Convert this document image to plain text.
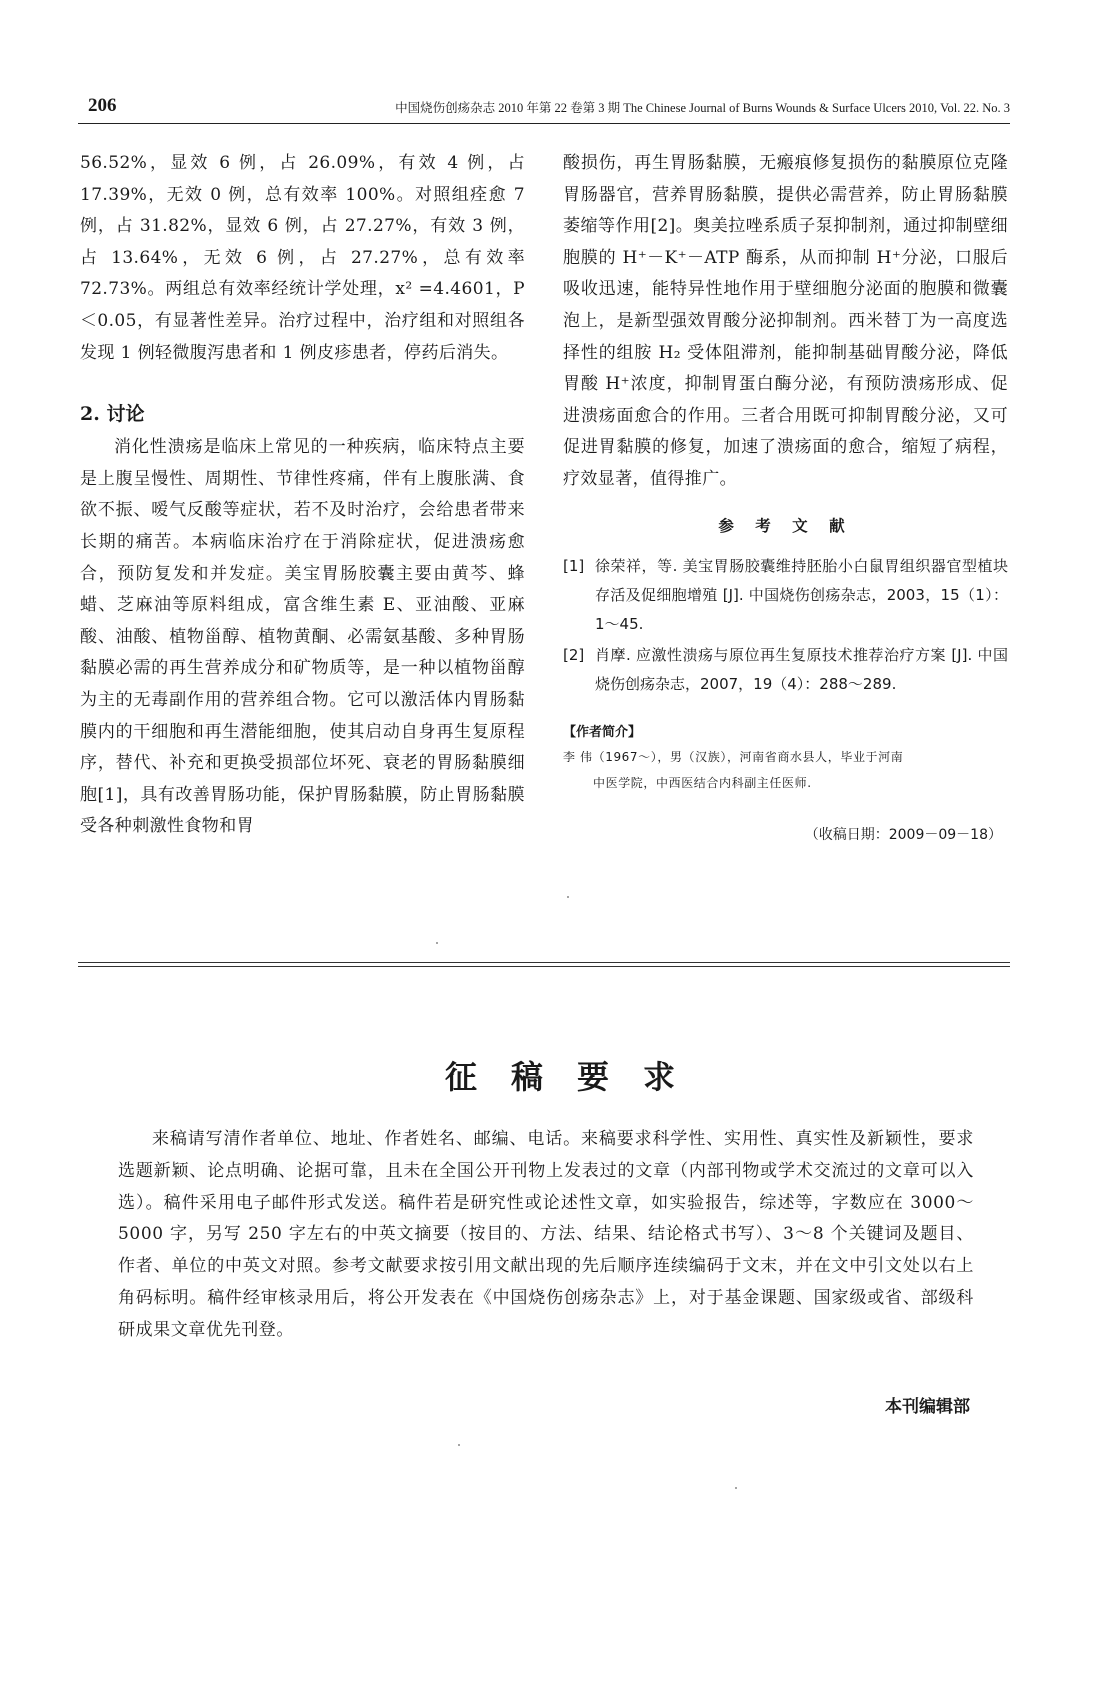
206	中国烧伤创疡杂志 2010 年第 22 卷第 3 期 The Chinese Journal of Burns Wounds & Surface Ulcers 2010, Vol. 22. No. 3

56.52%，显效 6 例，占 26.09%，有效 4 例，占 17.39%，无效 0 例，总有效率 100%。对照组痊愈 7 例，占 31.82%，显效 6 例，占 27.27%，有效 3 例，占 13.64%，无效 6 例，占 27.27%，总有效率 72.73%。两组总有效率经统计学处理，x² =4.4601，P＜0.05，有显著性差异。治疗过程中，治疗组和对照组各发现 1 例轻微腹泻患者和 1 例皮疹患者，停药后消失。

2. 讨论

消化性溃疡是临床上常见的一种疾病，临床特点主要是上腹呈慢性、周期性、节律性疼痛，伴有上腹胀满、食欲不振、嗳气反酸等症状，若不及时治疗，会给患者带来长期的痛苦。本病临床治疗在于消除症状，促进溃疡愈合，预防复发和并发症。美宝胃肠胶囊主要由黄芩、蜂蜡、芝麻油等原料组成，富含维生素 E、亚油酸、亚麻酸、油酸、植物甾醇、植物黄酮、必需氨基酸、多种胃肠黏膜必需的再生营养成分和矿物质等，是一种以植物甾醇为主的无毒副作用的营养组合物。它可以激活体内胃肠黏膜内的干细胞和再生潜能细胞，使其启动自身再生复原程序，替代、补充和更换受损部位坏死、衰老的胃肠黏膜细胞[1]，具有改善胃肠功能，保护胃肠黏膜，防止胃肠黏膜受各种刺激性食物和胃

酸损伤，再生胃肠黏膜，无瘢痕修复损伤的黏膜原位克隆胃肠器官，营养胃肠黏膜，提供必需营养，防止胃肠黏膜萎缩等作用[2]。奥美拉唑系质子泵抑制剂，通过抑制壁细胞膜的 H⁺－K⁺－ATP 酶系，从而抑制 H⁺分泌，口服后吸收迅速，能特异性地作用于壁细胞分泌面的胞膜和微囊泡上，是新型强效胃酸分泌抑制剂。西米替丁为一高度选择性的组胺 H₂ 受体阻滞剂，能抑制基础胃酸分泌，降低胃酸 H⁺浓度，抑制胃蛋白酶分泌，有预防溃疡形成、促进溃疡面愈合的作用。三者合用既可抑制胃酸分泌，又可促进胃黏膜的修复，加速了溃疡面的愈合，缩短了病程，疗效显著，值得推广。

参 考 文 献
[1] 徐荣祥，等. 美宝胃肠胶囊维持胚胎小白鼠胃组织器官型植块存活及促细胞增殖 [J]. 中国烧伤创疡杂志，2003，15（1）：1～45.
[2] 肖摩. 应激性溃疡与原位再生复原技术推荐治疗方案 [J]. 中国烧伤创疡杂志，2007，19（4）：288～289.
【作者简介】
李 伟（1967～），男（汉族），河南省商水县人，毕业于河南
中医学院，中西医结合内科副主任医师.
（收稿日期：2009－09－18）
征稿要求

来稿请写清作者单位、地址、作者姓名、邮编、电话。来稿要求科学性、实用性、真实性及新颖性，要求选题新颖、论点明确、论据可靠，且未在全国公开刊物上发表过的文章（内部刊物或学术交流过的文章可以入选）。稿件采用电子邮件形式发送。稿件若是研究性或论述性文章，如实验报告，综述等，字数应在 3000～5000 字，另写 250 字左右的中英文摘要（按目的、方法、结果、结论格式书写）、3～8 个关键词及题目、作者、单位的中英文对照。参考文献要求按引用文献出现的先后顺序连续编码于文末，并在文中引文处以右上角码标明。稿件经审核录用后，将公开发表在《中国烧伤创疡杂志》上，对于基金课题、国家级或省、部级科研成果文章优先刊登。

本刊编辑部
